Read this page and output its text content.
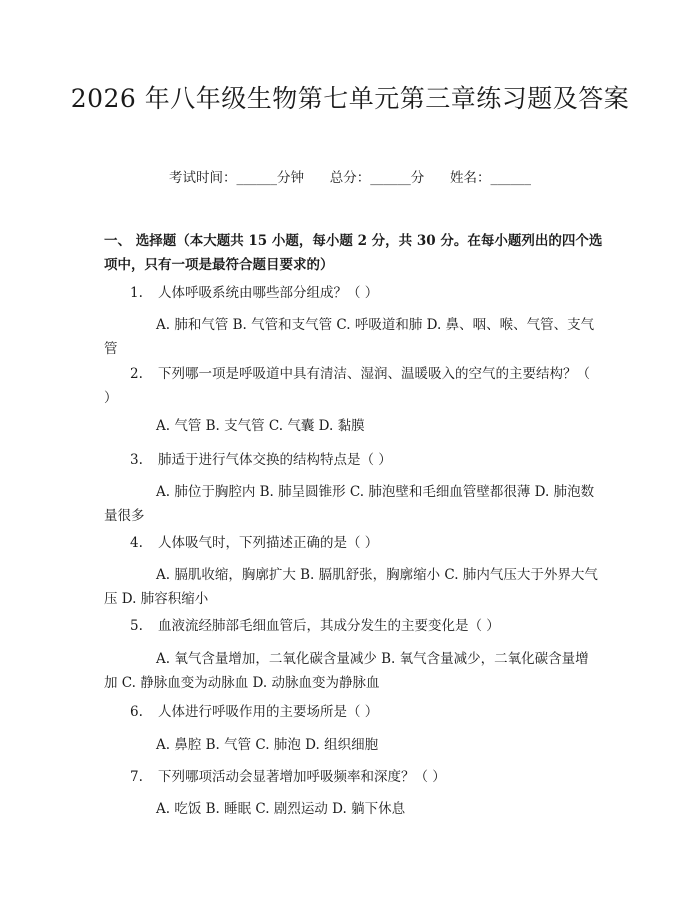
2026 年八年级生物第七单元第三章练习题及答案
考试时间：______分钟      总分：______分      姓名：______
一、 选择题（本大题共 15 小题，每小题 2 分，共 30 分。在每小题列出的四个选项中，只有一项是最符合题目要求的）
1. 人体呼吸系统由哪些部分组成？（ ）
A. 肺和气管 B. 气管和支气管 C. 呼吸道和肺 D. 鼻、咽、喉、气管、支气管
2. 下列哪一项是呼吸道中具有清洁、湿润、温暖吸入的空气的主要结构？（ ）
A. 气管 B. 支气管 C. 气囊 D. 黏膜
3. 肺适于进行气体交换的结构特点是（ ）
A. 肺位于胸腔内 B. 肺呈圆锥形 C. 肺泡壁和毛细血管壁都很薄 D. 肺泡数量很多
4. 人体吸气时，下列描述正确的是（ ）
A. 膈肌收缩，胸廓扩大 B. 膈肌舒张，胸廓缩小 C. 肺内气压大于外界大气压 D. 肺容积缩小
5. 血液流经肺部毛细血管后，其成分发生的主要变化是（ ）
A. 氧气含量增加，二氧化碳含量减少 B. 氧气含量减少，二氧化碳含量增加 C. 静脉血变为动脉血 D. 动脉血变为静脉血
6. 人体进行呼吸作用的主要场所是（ ）
A. 鼻腔 B. 气管 C. 肺泡 D. 组织细胞
7. 下列哪项活动会显著增加呼吸频率和深度？（ ）
A. 吃饭 B. 睡眠 C. 剧烈运动 D. 躺下休息
